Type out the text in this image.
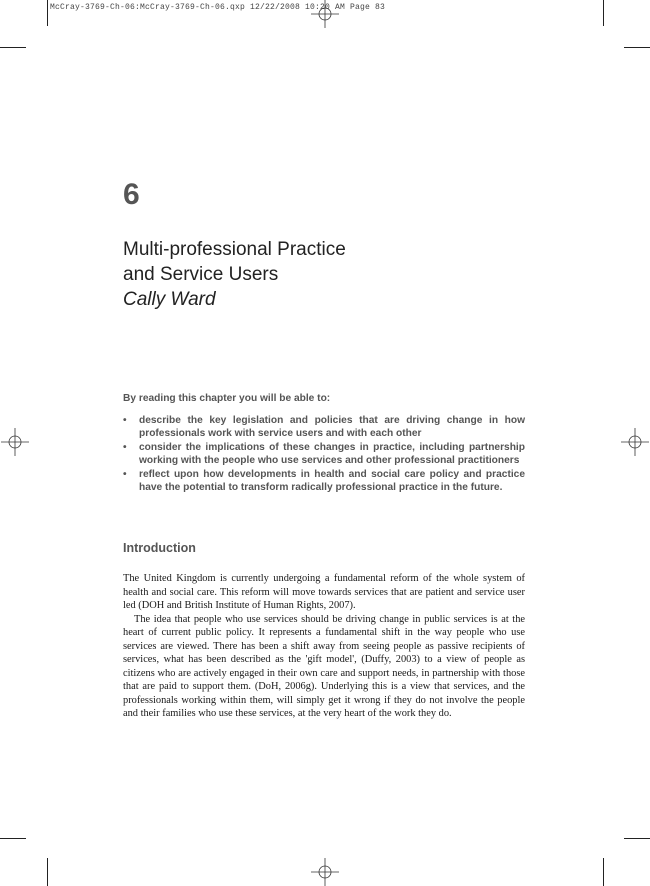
McCray-3769-Ch-06:McCray-3769-Ch-06.qxp 12/22/2008 10:20 AM Page 83
6
Multi-professional Practice
and Service Users
Cally Ward
By reading this chapter you will be able to:
• describe the key legislation and policies that are driving change in how professionals work with service users and with each other
• consider the implications of these changes in practice, including partnership working with the people who use services and other professional practitioners
• reflect upon how developments in health and social care policy and practice have the potential to transform radically professional practice in the future.
Introduction

The United Kingdom is currently undergoing a fundamental reform of the whole system of health and social care. This reform will move towards services that are patient and service user led (DOH and British Institute of Human Rights, 2007).

The idea that people who use services should be driving change in public services is at the heart of current public policy. It represents a fundamental shift in the way people who use services are viewed. There has been a shift away from seeing people as passive recipients of services, what has been described as the 'gift model', (Duffy, 2003) to a view of people as citizens who are actively engaged in their own care and support needs, in partnership with those that are paid to support them. (DoH, 2006g). Underlying this is a view that services, and the professionals working within them, will simply get it wrong if they do not involve the people and their families who use these services, at the very heart of the work they do.
